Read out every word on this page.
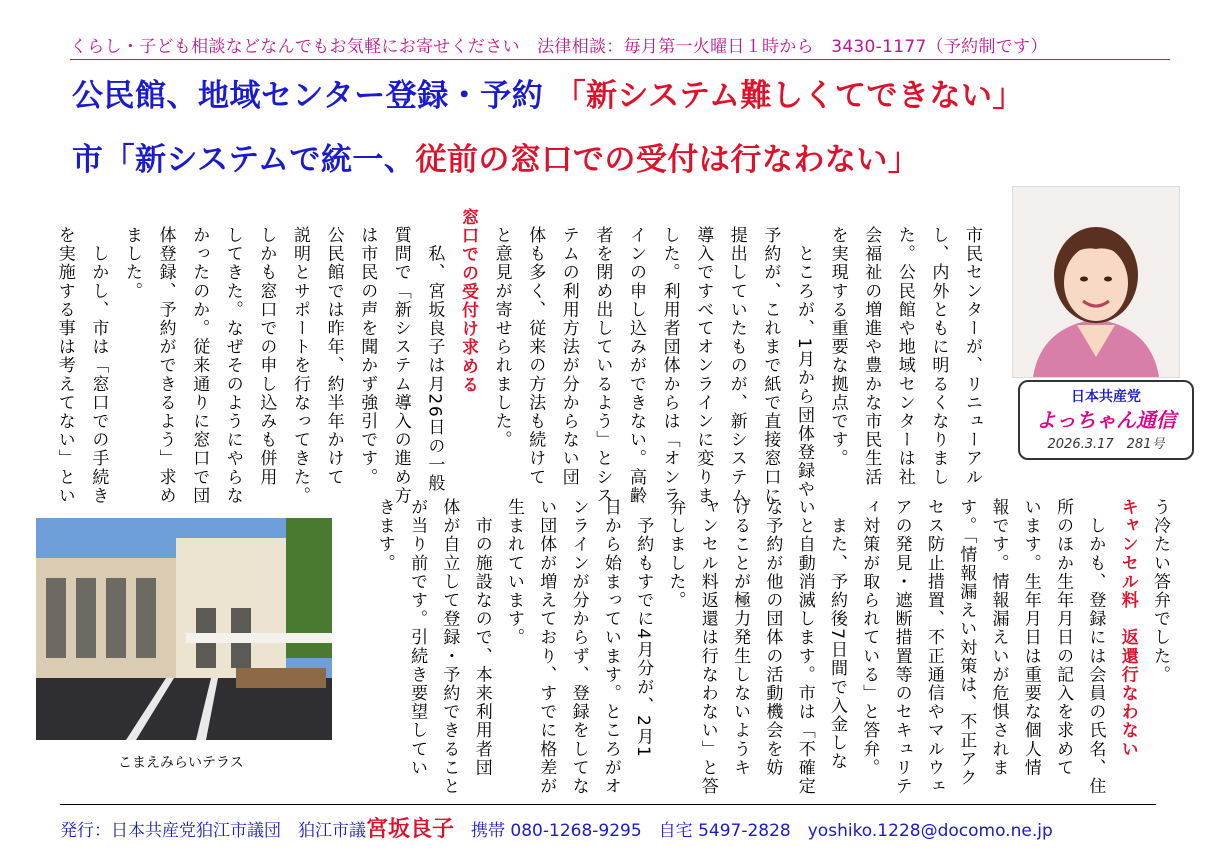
くらし・子ども相談などなんでもお気軽にお寄せください　法律相談：毎月第一火曜日１時から　3430-1177（予約制です）
公民館、地域センター登録・予約 「新システム難しくてできない」
市「新システムで統一、従前の窓口での受付は行なわない」
日本共産党
よっちゃん通信
2026.3.17　281号
市民センターが、リニューアル
し、内外ともに明るくなりまし
た。公民館や地域センターは社
会福祉の増進や豊かな市民生活
を実現する重要な拠点です。
　ところが、1月から団体登録や
予約が、これまで紙で直接窓口に
提出していたものが、新システム
導入ですべてオンラインに変りま
した。利用者団体からは「オンラ
インの申し込みができない。高齢
者を閉め出しているよう」とシス
テムの利用方法が分からない団
体も多く、従来の方法も続けて
と意見が寄せられました。
窓口での受付け求める
　私、宮坂良子は月26日の一般
質問で「新システム導入の進め方
は市民の声を聞かず強引です。
公民館では昨年、約半年かけて
説明とサポートを行なってきた。
しかも窓口での申し込みも併用
してきた。なぜそのようにやらな
かったのか。従来通りに窓口で団
体登録、予約ができるよう」求め
ました。
　しかし、市は「窓口での手続き
を実施する事は考えてない」とい
う冷たい答弁でした。
キャンセル料　返還行なわない
　しかも、登録には会員の氏名、住
所のほか生年月日の記入を求めて
います。生年月日は重要な個人情
報です。情報漏えいが危惧されま
す。「情報漏えい対策は、不正アク
セス防止措置、不正通信やマルウェ
アの発見・遮断措置等のセキュリテ
ィ対策が取られている」と答弁。
　また、予約後7日間で入金しな
いと自動消滅します。市は「不確定
な予約が他の団体の活動機会を妨
げることが極力発生しないようキ
ャンセル料返還は行なわない」と答
弁しました。
　予約もすでに4月分が、2月1
日から始まっています。ところがオ
ンラインが分からず、登録をしてな
い団体が増えており、すでに格差が
生まれています。
　市の施設なので、本来利用者団
体が自立して登録・予約できること
が当り前です。引続き要望してい
きます。
こまえみらいテラス
発行：日本共産党狛江市議団　狛江市議宮坂良子　 携帯 080-1268-9295　 自宅 5497-2828　 yoshiko.1228@docomo.ne.jp
